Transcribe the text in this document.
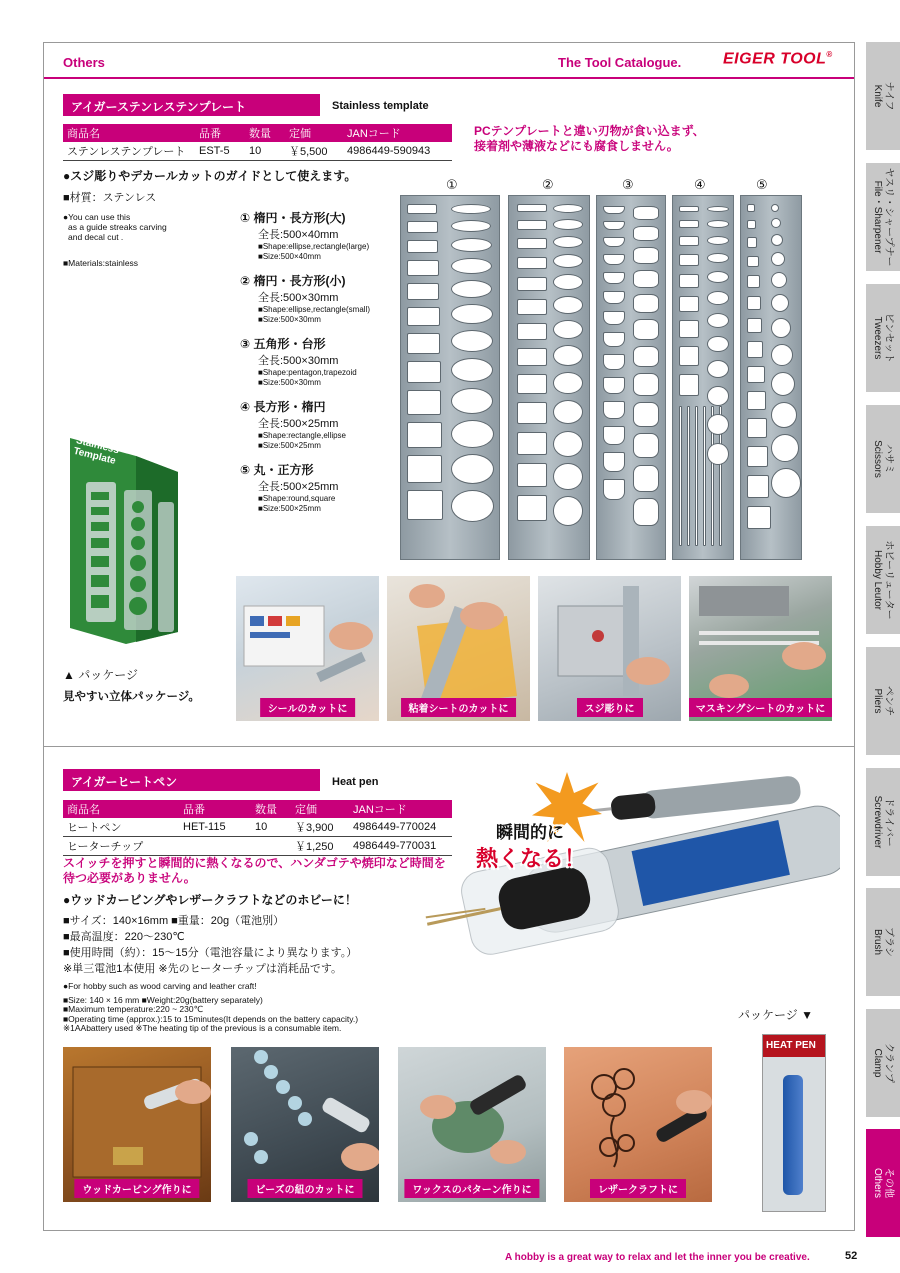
Others	The Tool Catalogue.	EIGER TOOL®
アイガーステンレステンプレート	Stainless template
商品名	品番	数量	定価	JANコード
ステンレステンプレート	EST-5	10	￥5,500	4986449-590943
PCテンプレートと違い刃物が食い込まず、
接着剤や薄液などにも腐食しません。
●スジ彫りやデカールカットのガイドとして使えます。
■材質：ステンレス
●You can use this
as a guide streaks carving
and decal cut .
■Materials:stainless
① 楕円・長方形(大)
全長:500×40mm
■Shape:ellipse,rectangle(large)
■Size:500×40mm
② 楕円・長方形(小)
全長:500×30mm
■Shape:ellipse,rectangle(small)
■Size:500×30mm
③ 五角形・台形
全長:500×30mm
■Shape:pentagon,trapezoid
■Size:500×30mm
④ 長方形・楕円
全長:500×25mm
■Shape:rectangle,ellipse
■Size:500×25mm
⑤ 丸・正方形
全長:500×25mm
■Shape:round,square
■Size:500×25mm
①	②	③	④	⑤
Stainless Template
▲ パッケージ
見やすい立体パッケージ。
シールのカットに	粘着シートのカットに	スジ彫りに	マスキングシートのカットに
アイガーヒートペン	Heat pen
商品名	品番	数量	定価	JANコード
ヒートペン	HET-115	10	￥3,900	4986449-770024
ヒーターチップ			￥1,250	4986449-770031
スイッチを押すと瞬間的に熱くなるので、ハンダゴテや焼印など時間を
待つ必要がありません。
●ウッドカービングやレザークラフトなどのホビーに！
■サイズ：140×16mm ■重量：20g（電池別）
■最高温度：220〜230℃
■使用時間（約）：15〜15分（電池容量により異なります。）
※単三電池1本使用 ※先のヒーターチップは消耗品です。
●For hobby such as wood carving and leather craft!
■Size: 140 × 16 mm ■Weight:20g(battery separately)
■Maximum temperature:220 ~ 230℃
■Operating time (approx.):15 to 15minutes(It depends on the battery capacity.)
※1AAbattery used ※The heating tip of the previous is a consumable item.
EIGER TOOL
瞬間的に
熱くなる！
パッケージ ▼
HEAT PEN
ウッドカービング作りに	ビーズの紐のカットに	ワックスのパターン作りに	レザークラフトに
ナイフ
Knife
ヤスリ・シャープナー
File・Sharpener
ピンセット
Tweezers
ハサミ
Scissors
ホビーリューター
Hobby Leutor
ペンチ
Pliers
ドライバー
Screwdriver
ブラシ
Brush
クランプ
Clamp
その他
Others
A hobby is a great way to relax and let the inner you be creative.	52
